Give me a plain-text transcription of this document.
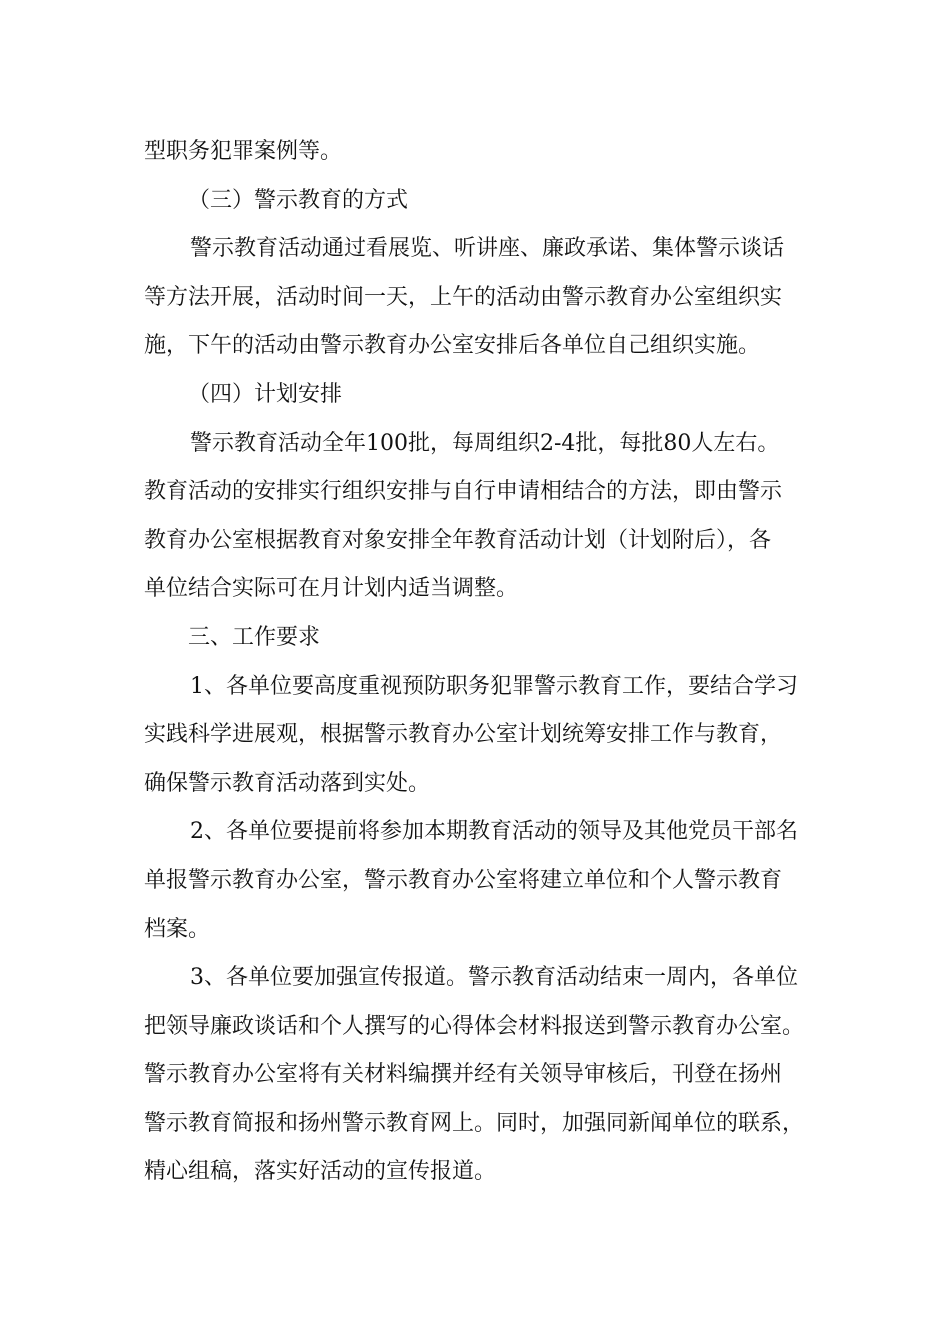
型职务犯罪案例等。
（三）警示教育的方式
警示教育活动通过看展览、听讲座、廉政承诺、集体警示谈话
等方法开展，活动时间一天，上午的活动由警示教育办公室组织实
施，下午的活动由警示教育办公室安排后各单位自己组织实施。
（四）计划安排
警示教育活动全年100批，每周组织2-4批，每批80人左右。
教育活动的安排实行组织安排与自行申请相结合的方法，即由警示
教育办公室根据教育对象安排全年教育活动计划（计划附后），各
单位结合实际可在月计划内适当调整。
三、工作要求
1、各单位要高度重视预防职务犯罪警示教育工作，要结合学习
实践科学进展观，根据警示教育办公室计划统筹安排工作与教育，
确保警示教育活动落到实处。
2、各单位要提前将参加本期教育活动的领导及其他党员干部名
单报警示教育办公室，警示教育办公室将建立单位和个人警示教育
档案。
3、各单位要加强宣传报道。警示教育活动结束一周内，各单位
把领导廉政谈话和个人撰写的心得体会材料报送到警示教育办公室。
警示教育办公室将有关材料编撰并经有关领导审核后，刊登在扬州
警示教育简报和扬州警示教育网上。同时，加强同新闻单位的联系，
精心组稿，落实好活动的宣传报道。
